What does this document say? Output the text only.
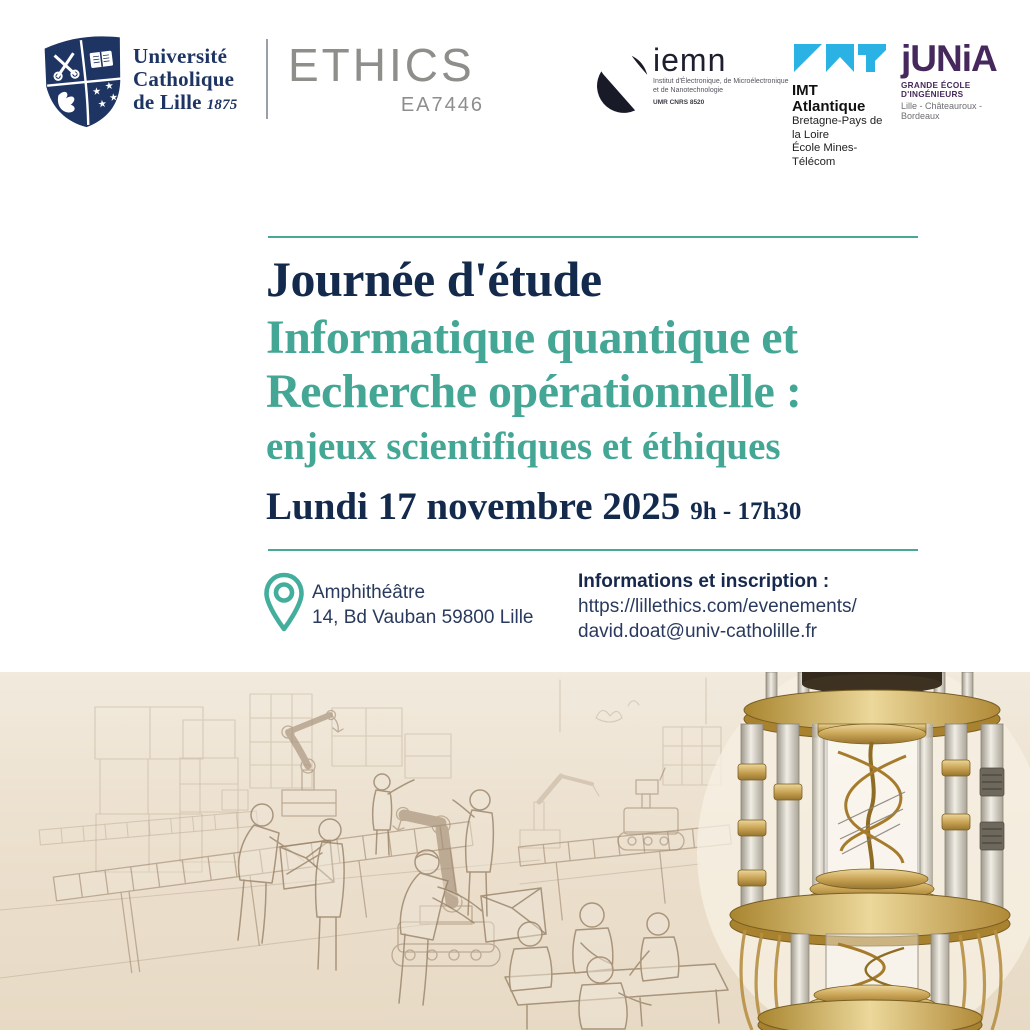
★ ★
★
★
Université
Catholique
de Lille 1875
ETHICS
EA7446
iemn
Institut d'Électronique, de Microélectronique
et de Nanotechnologie
UMR CNRS 8520
IMT Atlantique
Bretagne-Pays de la Loire
École Mines-Télécom
jUNiA
GRANDE ÉCOLE D'INGÉNIEURS
Lille - Châteauroux - Bordeaux
Journée d'étude
Informatique quantique et
Recherche opérationnelle :
enjeux scientifiques et éthiques
Lundi 17 novembre 2025 9h - 17h30
Amphithéâtre
14, Bd Vauban 59800 Lille
Informations et inscription :
https://lillethics.com/evenements/
david.doat@univ-catholille.fr
